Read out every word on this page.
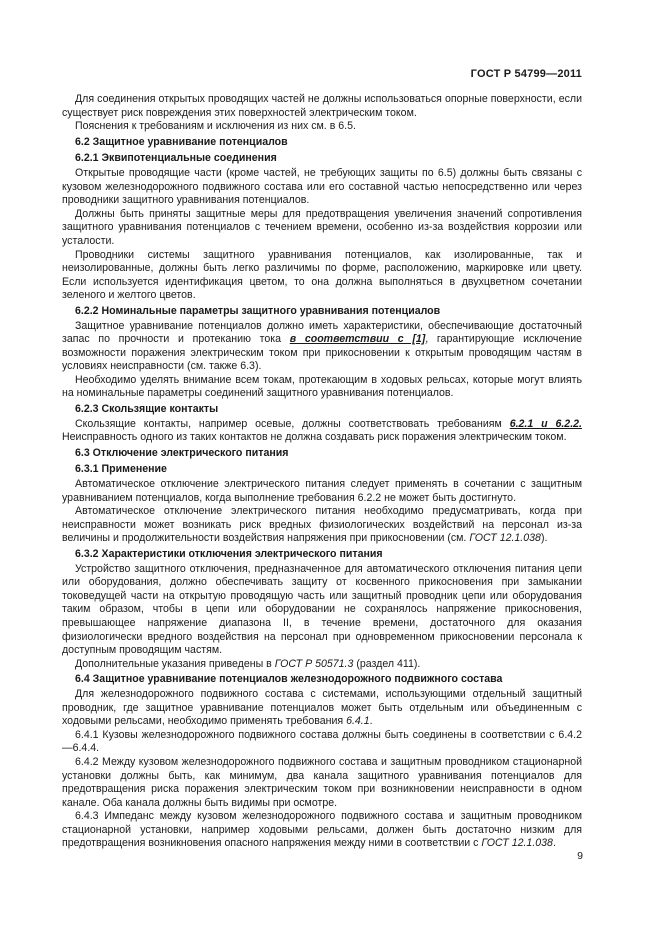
ГОСТ Р 54799—2011

Для соединения открытых проводящих частей не должны использоваться опорные поверхности, если существует риск повреждения этих поверхностей электрическим током.

Пояснения к требованиям и исключения из них см. в 6.5.

6.2 Защитное уравнивание потенциалов

6.2.1 Эквипотенциальные соединения

Открытые проводящие части (кроме частей, не требующих защиты по 6.5) должны быть связаны с кузовом железнодорожного подвижного состава или его составной частью непосредственно или через проводники защитного уравнивания потенциалов.

Должны быть приняты защитные меры для предотвращения увеличения значений сопротивления защитного уравнивания потенциалов с течением времени, особенно из-за воздействия коррозии или усталости.

Проводники системы защитного уравнивания потенциалов, как изолированные, так и неизолированные, должны быть легко различимы по форме, расположению, маркировке или цвету. Если используется идентификация цветом, то она должна выполняться в двухцветном сочетании зеленого и желтого цветов.

6.2.2 Номинальные параметры защитного уравнивания потенциалов

Защитное уравнивание потенциалов должно иметь характеристики, обеспечивающие достаточный запас по прочности и протеканию тока в соответствии с [1], гарантирующие исключение возможности поражения электрическим током при прикосновении к открытым проводящим частям в условиях неисправности (см. также 6.3).

Необходимо уделять внимание всем токам, протекающим в ходовых рельсах, которые могут влиять на номинальные параметры соединений защитного уравнивания потенциалов.

6.2.3 Скользящие контакты

Скользящие контакты, например осевые, должны соответствовать требованиям 6.2.1 и 6.2.2. Неисправность одного из таких контактов не должна создавать риск поражения электрическим током.

6.3 Отключение электрического питания

6.3.1 Применение

Автоматическое отключение электрического питания следует применять в сочетании с защитным уравниванием потенциалов, когда выполнение требования 6.2.2 не может быть достигнуто.

Автоматическое отключение электрического питания необходимо предусматривать, когда при неисправности может возникать риск вредных физиологических воздействий на персонал из-за величины и продолжительности воздействия напряжения при прикосновении (см. ГОСТ 12.1.038).

6.3.2 Характеристики отключения электрического питания

Устройство защитного отключения, предназначенное для автоматического отключения питания цепи или оборудования, должно обеспечивать защиту от косвенного прикосновения при замыкании токоведущей части на открытую проводящую часть или защитный проводник цепи или оборудования таким образом, чтобы в цепи или оборудовании не сохранялось напряжение прикосновения, превышающее напряжение диапазона II, в течение времени, достаточного для оказания физиологически вредного воздействия на персонал при одновременном прикосновении персонала к доступным проводящим частям.

Дополнительные указания приведены в ГОСТ Р 50571.3 (раздел 411).

6.4 Защитное уравнивание потенциалов железнодорожного подвижного состава

Для железнодорожного подвижного состава с системами, использующими отдельный защитный проводник, где защитное уравнивание потенциалов может быть отдельным или объединенным с ходовыми рельсами, необходимо применять требования 6.4.1.

6.4.1 Кузовы железнодорожного подвижного состава должны быть соединены в соответствии с 6.4.2—6.4.4.

6.4.2 Между кузовом железнодорожного подвижного состава и защитным проводником стационарной установки должны быть, как минимум, два канала защитного уравнивания потенциалов для предотвращения риска поражения электрическим током при возникновении неисправности в одном канале. Оба канала должны быть видимы при осмотре.

6.4.3 Импеданс между кузовом железнодорожного подвижного состава и защитным проводником стационарной установки, например ходовыми рельсами, должен быть достаточно низким для предотвращения возникновения опасного напряжения между ними в соответствии с ГОСТ 12.1.038.

9
